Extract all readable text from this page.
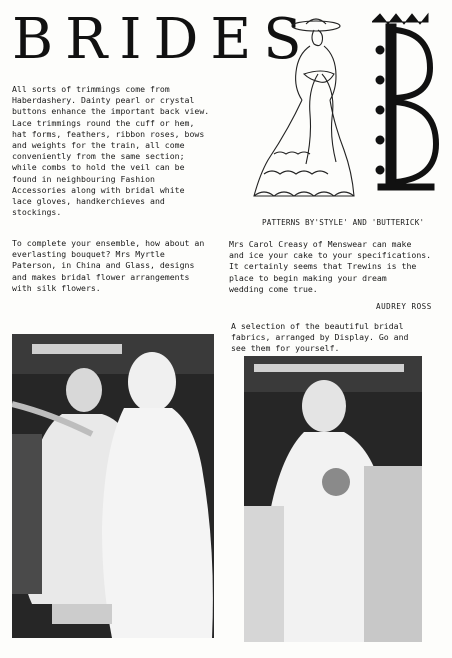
BRIDES
All sorts of trimmings come from
Haberdashery. Dainty pearl or crystal
buttons enhance the important back view.
Lace trimmings round the cuff or hem,
hat forms, feathers, ribbon roses, bows
and weights for the train, all come
conveniently from the same section;
while combs to hold the veil can be
found in neighbouring Fashion
Accessories along with bridal white
lace gloves, handkerchieves and
stockings.
To complete your ensemble, how about an
everlasting bouquet? Mrs Myrtle
Paterson, in China and Glass, designs
and makes bridal flower arrangements
with silk flowers.
PATTERNS BY'STYLE' AND 'BUTTERICK'
Mrs Carol Creasy of Menswear can make
and ice your cake to your specifications.
It certainly seems that Trewins is the
place to begin making your dream
wedding come true.
AUDREY ROSS
A selection of the beautiful bridal
fabrics, arranged by Display. Go and
see them for yourself.
